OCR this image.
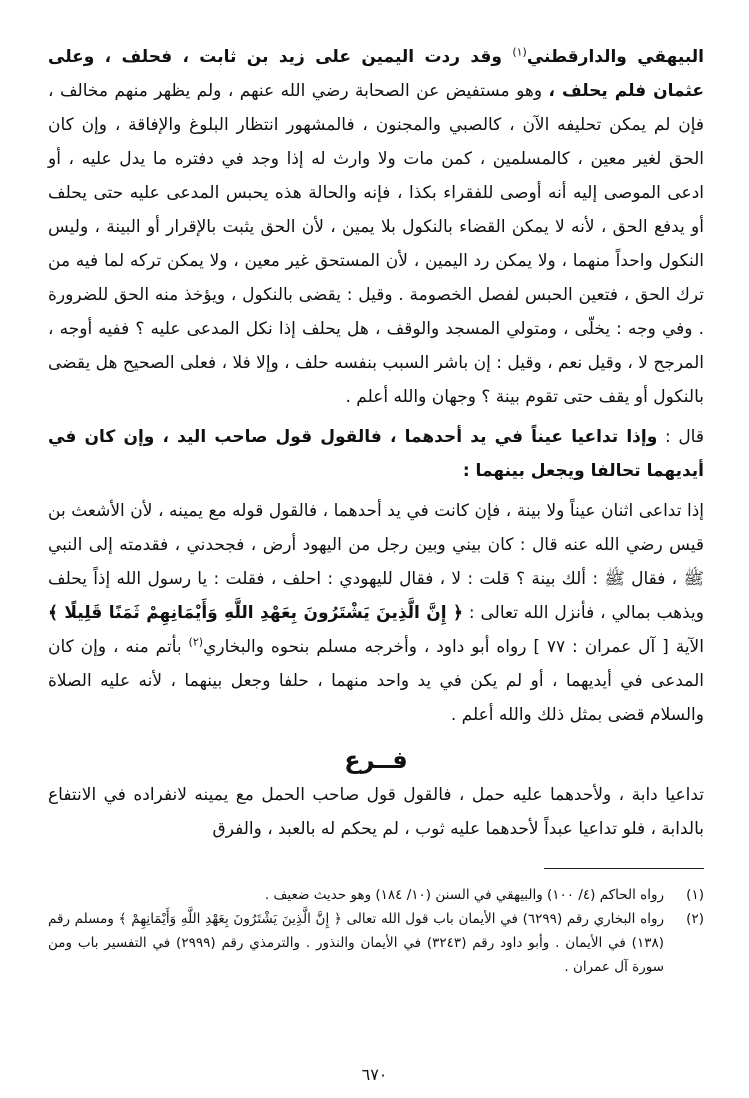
البيهقي والدارقطني$^{(١)}$ وقد ردت اليمين على زيد بن ثابت ، فحلف ، وعلى عثمان فلم يحلف ، وهو مستفيض عن الصحابة رضي الله عنهم ، ولم يظهر منهم مخالف ، فإن لم يمكن تحليفه الآن ، كالصبي والمجنون ، فالمشهور انتظار البلوغ والإفاقة ، وإن كان الحق لغير معين ، كالمسلمين ، كمن مات ولا وارث له إذا وجد في دفتره ما يدل عليه ، أو ادعى الموصى إليه أنه أوصى للفقراء بكذا ، فإنه والحالة هذه يحبس المدعى عليه حتى يحلف أو يدفع الحق ، لأنه لا يمكن القضاء بالنكول بلا يمين ، لأن الحق يثبت بالإقرار أو البينة ، وليس النكول واحداً منهما ، ولا يمكن رد اليمين ، لأن المستحق غير معين ، ولا يمكن تركه لما فيه من ترك الحق ، فتعين الحبس لفصل الخصومة . وقيل : يقضى بالنكول ، ويؤخذ منه الحق للضرورة . وفي وجه : يخلّى ، ومتولي المسجد والوقف ، هل يحلف إذا نكل المدعى عليه ؟ ففيه أوجه ، المرجح لا ، وقيل نعم ، وقيل : إن باشر السبب بنفسه حلف ، وإلا فلا ، فعلى الصحيح هل يقضى بالنكول أو يقف حتى تقوم بينة ؟ وجهان والله أعلم .

قال : وإذا تداعيا عيناً في يد أحدهما ، فالقول قول صاحب اليد ، وإن كان في أيديهما تحالفا ويجعل بينهما :

إذا تداعى اثنان عيناً ولا بينة ، فإن كانت في يد أحدهما ، فالقول قوله مع يمينه ، لأن الأشعث بن قيس رضي الله عنه قال : كان بيني وبين رجل من اليهود أرض ، فجحدني ، فقدمته إلى النبي ﷺ ، فقال ﷺ : ألك بينة ؟ قلت : لا ، فقال لليهودي : احلف ، فقلت : يا رسول الله إذاً يحلف ويذهب بمالي ، فأنزل الله تعالى : ﴿ إِنَّ الَّذِينَ يَشْتَرُونَ بِعَهْدِ اللَّهِ وَأَيْمَانِهِمْ ثَمَنًا قَلِيلًا ﴾ الآية [ آل عمران : ٧٧ ] رواه أبو داود ، وأخرجه مسلم بنحوه والبخاري$^{(٢)}$ بأتم منه ، وإن كان المدعى في أيديهما ، أو لم يكن في يد واحد منهما ، حلفا وجعل بينهما ، لأنه عليه الصلاة والسلام قضى بمثل ذلك والله أعلم .

فــرع

تداعيا دابة ، ولأحدهما عليه حمل ، فالقول قول صاحب الحمل مع يمينه لانفراده في الانتفاع بالدابة ، فلو تداعيا عبداً لأحدهما عليه ثوب ، لم يحكم له بالعبد ، والفرق

(١)
رواه الحاكم (٤/ ١٠٠) والبيهقي في السنن (١٠/ ١٨٤) وهو حديث ضعيف .
(٢)
رواه البخاري رقم (٦٢٩٩) في الأيمان باب قول الله تعالى ﴿ إِنَّ الَّذِينَ يَشْتَرُونَ بِعَهْدِ اللَّهِ وَأَيْمَانِهِمْ ﴾ ومسلم رقم (١٣٨) في الأيمان . وأبو داود رقم (٣٢٤٣) في الأيمان والنذور . والترمذي رقم (٢٩٩٩) في التفسير باب ومن سورة آل عمران .
٦٧٠
